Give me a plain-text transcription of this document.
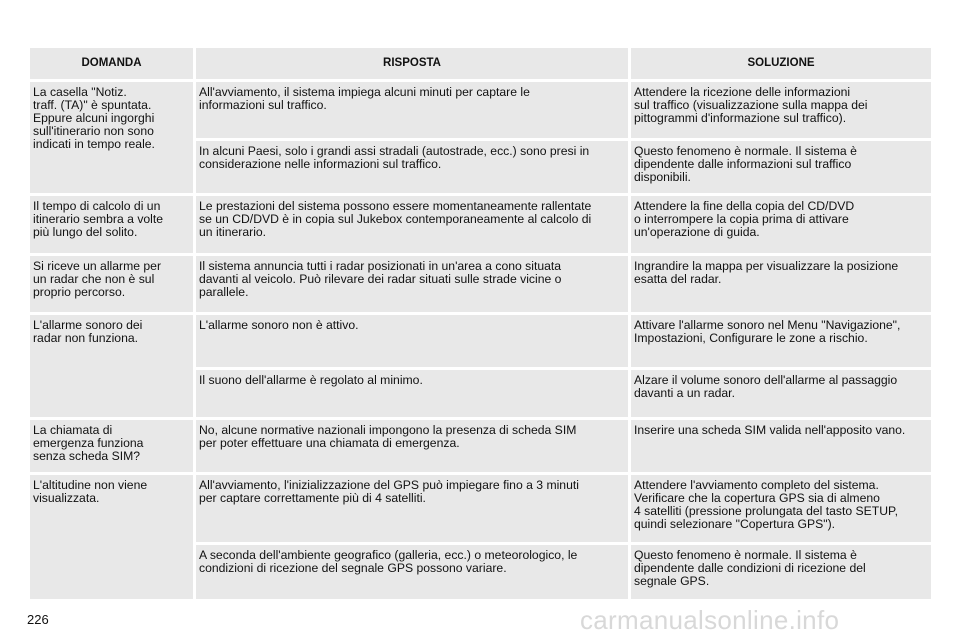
DOMANDA	RISPOSTA	SOLUZIONE
La casella "Notiz.
traff. (TA)" è spuntata.
Eppure alcuni ingorghi
sull'itinerario non sono
indicati in tempo reale.	All'avviamento, il sistema impiega alcuni minuti per captare le
informazioni sul traffico.	Attendere la ricezione delle informazioni
sul traffico (visualizzazione sulla mappa dei
pittogrammi d'informazione sul traffico).
	In alcuni Paesi, solo i grandi assi stradali (autostrade, ecc.) sono presi in
considerazione nelle informazioni sul traffico.	Questo fenomeno è normale. Il sistema è
dipendente dalle informazioni sul traffico
disponibili.
Il tempo di calcolo di un
itinerario sembra a volte
più lungo del solito.	Le prestazioni del sistema possono essere momentaneamente rallentate
se un CD/DVD è in copia sul Jukebox contemporaneamente al calcolo di
un itinerario.	Attendere la fine della copia del CD/DVD
o interrompere la copia prima di attivare
un'operazione di guida.
Si riceve un allarme per
un radar che non è sul
proprio percorso.	Il sistema annuncia tutti i radar posizionati in un'area a cono situata
davanti al veicolo. Può rilevare dei radar situati sulle strade vicine o
parallele.	Ingrandire la mappa per visualizzare la posizione
esatta del radar.
L'allarme sonoro dei
radar non funziona.	L'allarme sonoro non è attivo.	Attivare l'allarme sonoro nel Menu "Navigazione",
Impostazioni, Configurare le zone a rischio.
	Il suono dell'allarme è regolato al minimo.	Alzare il volume sonoro dell'allarme al passaggio
davanti a un radar.
La chiamata di
emergenza funziona
senza scheda SIM?	No, alcune normative nazionali impongono la presenza di scheda SIM
per poter effettuare una chiamata di emergenza.	Inserire una scheda SIM valida nell'apposito vano.
L'altitudine non viene
visualizzata.	All'avviamento, l'inizializzazione del GPS può impiegare fino a 3 minuti
per captare correttamente più di 4 satelliti.	Attendere l'avviamento completo del sistema.
Verificare che la copertura GPS sia di almeno
4 satelliti (pressione prolungata del tasto SETUP,
quindi selezionare "Copertura GPS").
	A seconda dell'ambiente geografico (galleria, ecc.) o meteorologico, le
condizioni di ricezione del segnale GPS possono variare.	Questo fenomeno è normale. Il sistema è
dipendente dalle condizioni di ricezione del
segnale GPS.
226	carmanualsonline.info
